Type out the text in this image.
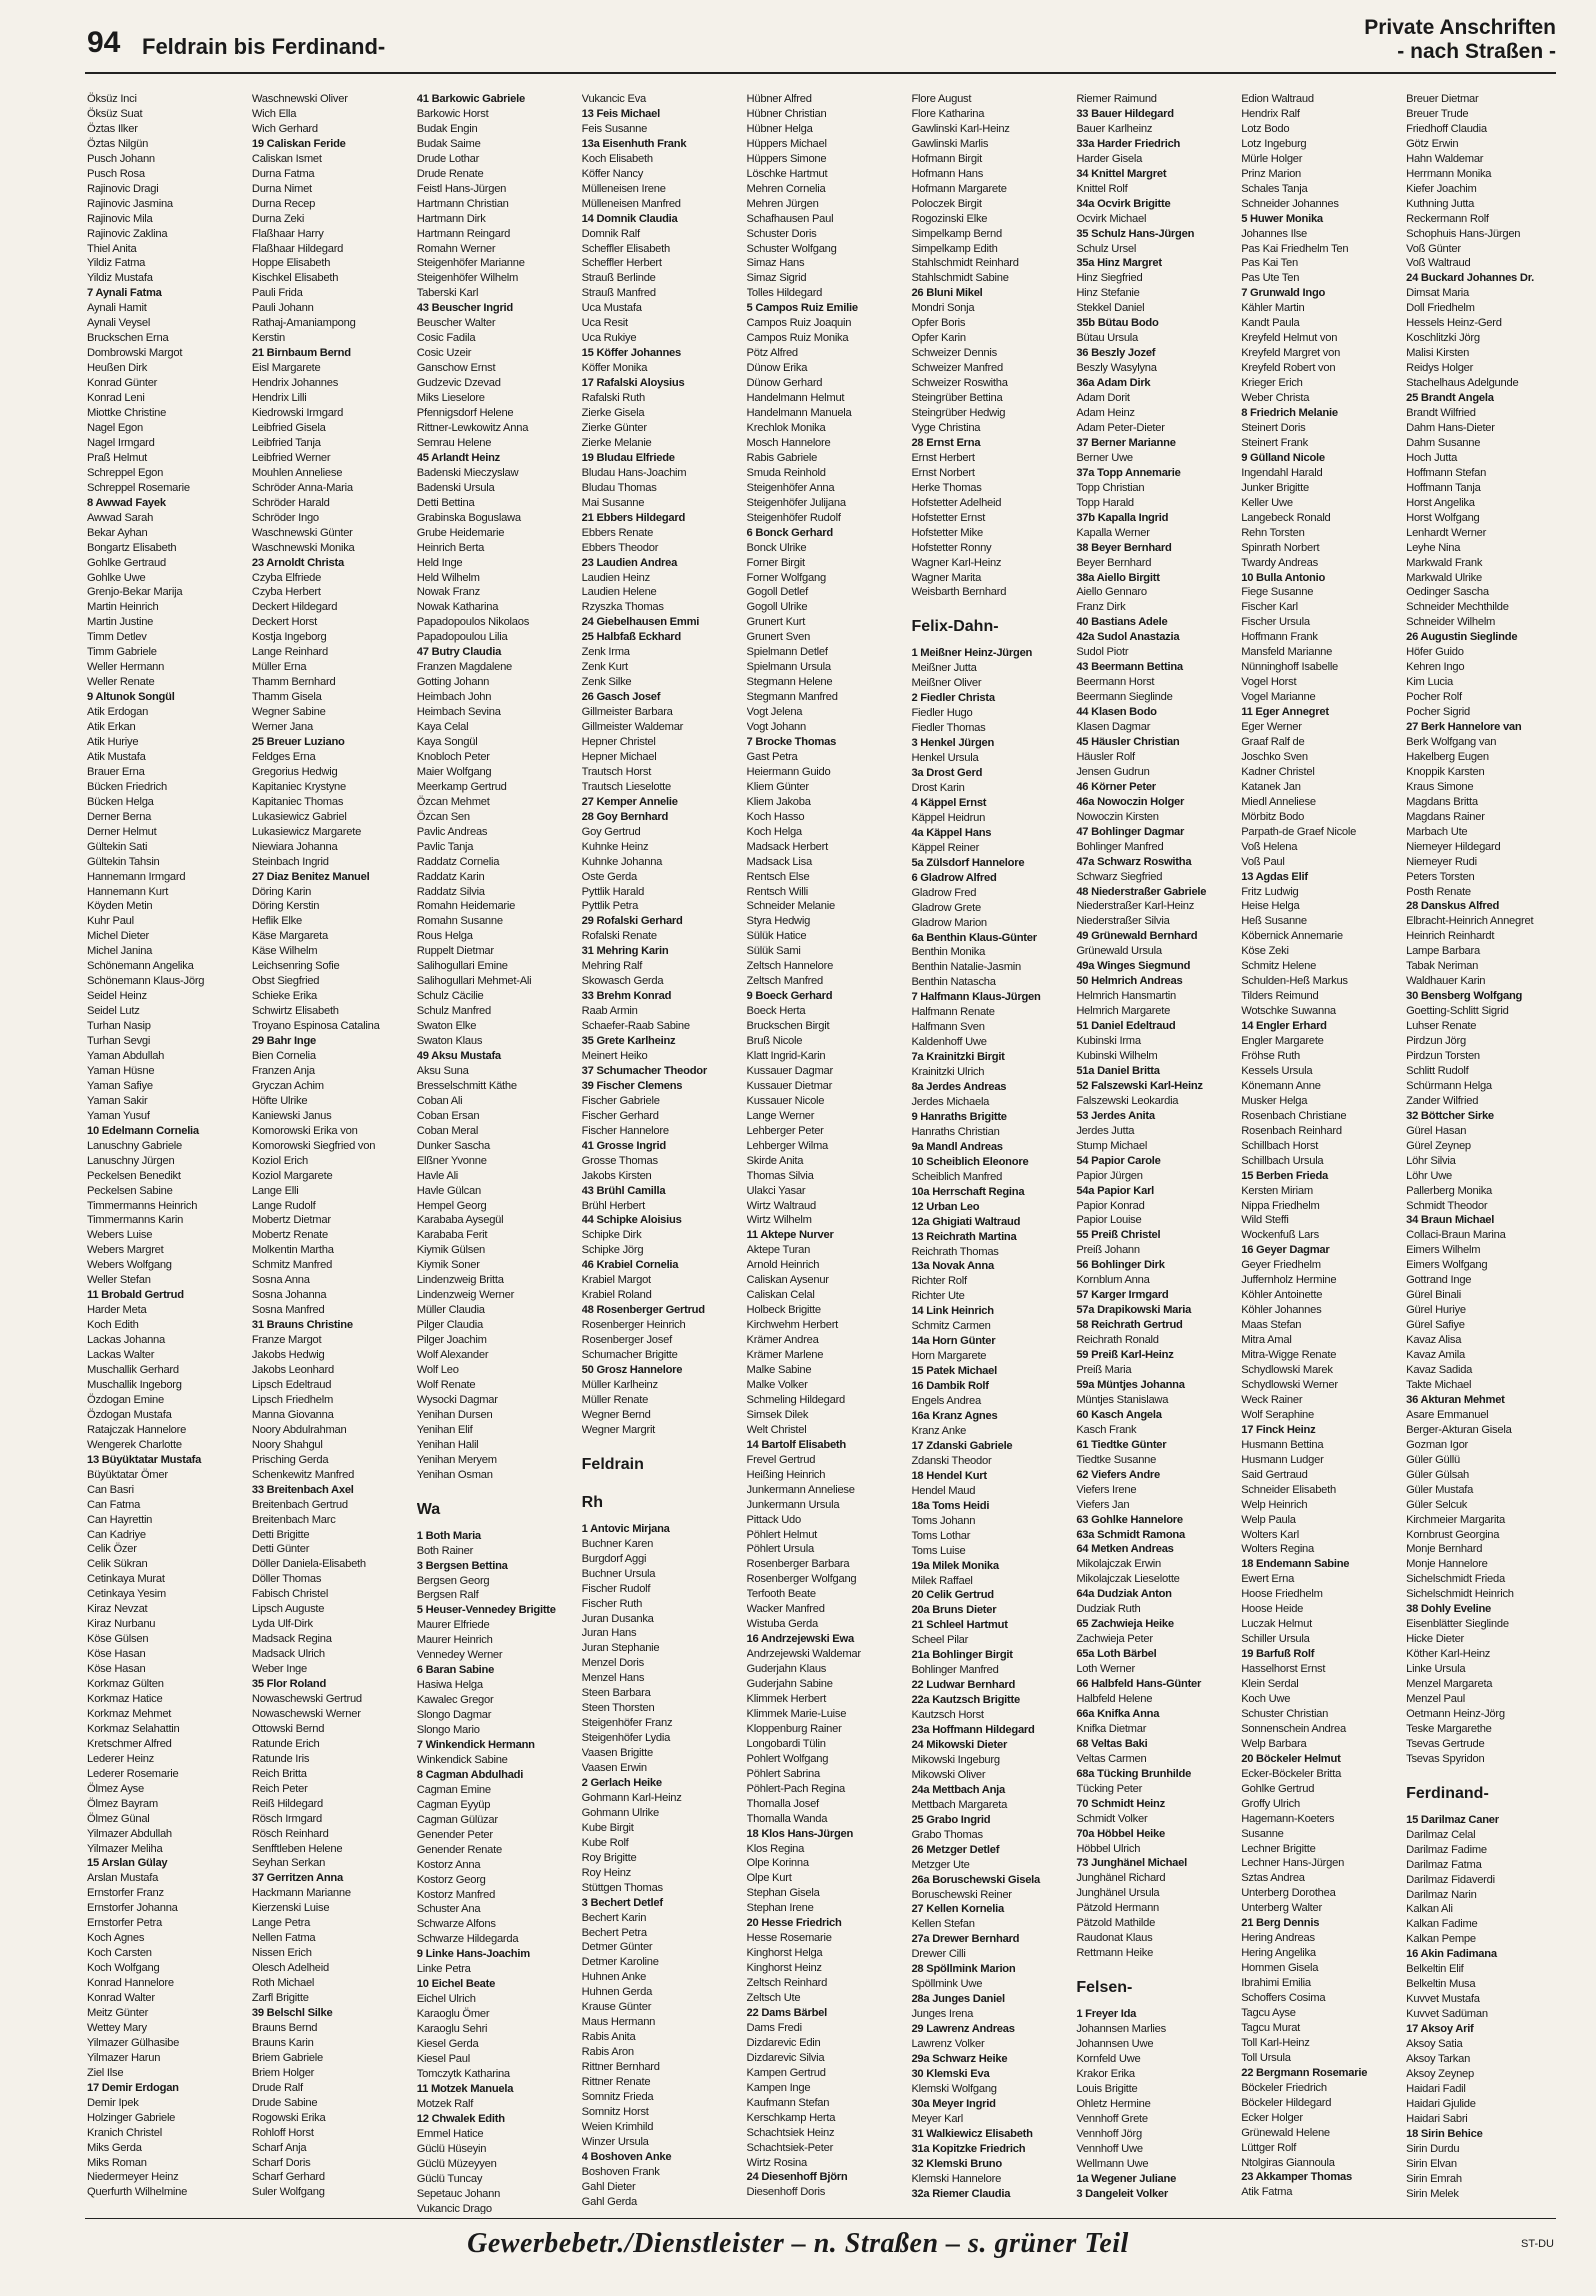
94 Feldrain bis Ferdinand-
Private Anschriften
- nach Straßen -
Öksüz Inci
Öksüz Suat
Öztas Ilker
Öztas Nilgün
Pusch Johann
Pusch Rosa
Rajinovic Dragi
Rajinovic Jasmina
Rajinovic Mila
Rajinovic Zaklina
Thiel Anita
Yildiz Fatma
Yildiz Mustafa
7 Aynali Fatma
Aynali Hamit
Aynali Veysel
Bruckschen Erna
Dombrowski Margot
Heußen Dirk
Konrad Günter
Konrad Leni
Miottke Christine
Nagel Egon
Nagel Irmgard
Praß Helmut
Schreppel Egon
Schreppel Rosemarie
8 Awwad Fayek
Awwad Sarah
Bekar Ayhan
Bongartz Elisabeth
Gohlke Gertraud
Gohlke Uwe
Grenjo-Bekar Marija
Martin Heinrich
Martin Justine
Timm Detlev
Timm Gabriele
Weller Hermann
Weller Renate
9 Altunok Songül
Atik Erdogan
Atik Erkan
Atik Huriye
Atik Mustafa
Brauer Erna
Bücken Friedrich
Bücken Helga
Derner Berna
Derner Helmut
Gültekin Sati
Gültekin Tahsin
Hannemann Irmgard
Hannemann Kurt
Köyden Metin
Kuhr Paul
Michel Dieter
Michel Janina
Schönemann Angelika
Schönemann Klaus-Jörg
Seidel Heinz
Seidel Lutz
Turhan Nasip
Turhan Sevgi
Yaman Abdullah
Yaman Hüsne
Yaman Safiye
Yaman Sakir
Yaman Yusuf
10 Edelmann Cornelia
Lanuschny Gabriele
Lanuschny Jürgen
Peckelsen Benedikt
Peckelsen Sabine
Timmermanns Heinrich
Timmermanns Karin
Webers Luise
Webers Margret
Webers Wolfgang
Weller Stefan
11 Brobald Gertrud
Harder Meta
Koch Edith
Lackas Johanna
Lackas Walter
Muschallik Gerhard
Muschallik Ingeborg
Özdogan Emine
Özdogan Mustafa
Ratajczak Hannelore
Wengerek Charlotte
13 Büyüktatar Mustafa
Büyüktatar Ömer
Can Basri
Can Fatma
Can Hayrettin
Can Kadriye
Celik Özer
Celik Sükran
Cetinkaya Murat
Cetinkaya Yesim
Kiraz Nevzat
Kiraz Nurbanu
Köse Gülsen
Köse Hasan
Köse Hasan
Korkmaz Gülten
Korkmaz Hatice
Korkmaz Mehmet
Korkmaz Selahattin
Kretschmer Alfred
Lederer Heinz
Lederer Rosemarie
Ölmez Ayse
Ölmez Bayram
Ölmez Günal
Yilmazer Abdullah
Yilmazer Meliha
15 Arslan Gülay
Arslan Mustafa
Ernstorfer Franz
Ernstorfer Johanna
Ernstorfer Petra
Koch Agnes
Koch Carsten
Koch Wolfgang
Konrad Hannelore
Konrad Walter
Meitz Günter
Wettey Mary
Yilmazer Gülhasibe
Yilmazer Harun
Ziel Ilse
17 Demir Erdogan
Demir Ipek
Holzinger Gabriele
Kranich Christel
Miks Gerda
Miks Roman
Niedermeyer Heinz
Querfurth Wilhelmine
Waschnewski Oliver
Wich Ella
Wich Gerhard
19 Caliskan Feride
Caliskan Ismet
Durna Fatma
Durna Nimet
Durna Recep
Durna Zeki
Flaßhaar Harry
Flaßhaar Hildegard
Hoppe Elisabeth
Kischkel Elisabeth
Pauli Frida
Pauli Johann
Rathaj-Amaniampong
Kerstin
21 Birnbaum Bernd
Eisl Margarete
Hendrix Johannes
Hendrix Lilli
Kiedrowski Irmgard
Leibfried Gisela
Leibfried Tanja
Leibfried Werner
Mouhlen Anneliese
Schröder Anna-Maria
Schröder Harald
Schröder Ingo
Waschnewski Günter
Waschnewski Monika
23 Arnoldt Christa
Czyba Elfriede
Czyba Herbert
Deckert Hildegard
Deckert Horst
Kostja Ingeborg
Lange Reinhard
Müller Erna
Thamm Bernhard
Thamm Gisela
Wegner Sabine
Werner Jana
25 Breuer Luziano
Feldges Erna
Gregorius Hedwig
Kapitaniec Krystyne
Kapitaniec Thomas
Lukasiewicz Gabriel
Lukasiewicz Margarete
Niewiara Johanna
Steinbach Ingrid
27 Diaz Benitez Manuel
Döring Karin
Döring Kerstin
Heflik Elke
Käse Margareta
Käse Wilhelm
Leichsenring Sofie
Obst Siegfried
Schieke Erika
Schwirtz Elisabeth
Troyano Espinosa Catalina
29 Bahr Inge
Bien Cornelia
Franzen Anja
Gryczan Achim
Höfte Ulrike
Kaniewski Janus
Komorowski Erika von
Komorowski Siegfried von
Koziol Erich
Koziol Margarete
Lange Elli
Lange Rudolf
Mobertz Dietmar
Mobertz Renate
Molkentin Martha
Schmitz Manfred
Sosna Anna
Sosna Johanna
Sosna Manfred
31 Brauns Christine
Franze Margot
Jakobs Hedwig
Jakobs Leonhard
Lipsch Edeltraud
Lipsch Friedhelm
Manna Giovanna
Noory Abdulrahman
Noory Shahgul
Prisching Gerda
Schenkewitz Manfred
33 Breitenbach Axel
Breitenbach Gertrud
Breitenbach Marc
Detti Brigitte
Detti Günter
Döller Daniela-Elisabeth
Döller Thomas
Fabisch Christel
Lipsch Auguste
Lyda Ulf-Dirk
Madsack Regina
Madsack Ulrich
Weber Inge
35 Flor Roland
Nowaschewski Gertrud
Nowaschewski Werner
Ottowski Bernd
Ratunde Erich
Ratunde Iris
Reich Britta
Reich Peter
Reiß Hildegard
Rösch Irmgard
Rösch Reinhard
Senfftleben Helene
Seyhan Serkan
37 Gerritzen Anna
Hackmann Marianne
Kierzenski Luise
Lange Petra
Nellen Fatma
Nissen Erich
Olesch Adelheid
Roth Michael
Zarfl Brigitte
39 Belschl Silke
Brauns Bernd
Brauns Karin
Briem Gabriele
Briem Holger
Drude Ralf
Drude Sabine
Rogowski Erika
Rohloff Horst
Scharf Anja
Scharf Doris
Scharf Gerhard
Suler Wolfgang
41 Barkowic Gabriele
Barkowic Horst
Budak Engin
Budak Saime
Drude Lothar
Drude Renate
Feistl Hans-Jürgen
Hartmann Christian
Hartmann Dirk
Hartmann Reingard
Romahn Werner
Steigenhöfer Marianne
Steigenhöfer Wilhelm
Taberski Karl
43 Beuscher Ingrid
Beuscher Walter
Cosic Fadila
Cosic Uzeir
Ganschow Ernst
Gudzevic Dzevad
Miks Lieselore
Pfennigsdorf Helene
Rittner-Lewkowitz Anna
Semrau Helene
45 Arlandt Heinz
Badenski Mieczyslaw
Badenski Ursula
Detti Bettina
Grabinska Boguslawa
Grube Heidemarie
Heinrich Berta
Held Inge
Held Wilhelm
Nowak Franz
Nowak Katharina
Papadopoulos Nikolaos
Papadopoulou Lilia
47 Butry Claudia
Franzen Magdalene
Gotting Johann
Heimbach John
Heimbach Sevina
Kaya Celal
Kaya Songül
Knobloch Peter
Maier Wolfgang
Meerkamp Gertrud
Özcan Mehmet
Özcan Sen
Pavlic Andreas
Pavlic Tanja
Raddatz Cornelia
Raddatz Karin
Raddatz Silvia
Romahn Heidemarie
Romahn Susanne
Rous Helga
Ruppelt Dietmar
Salihogullari Emine
Salihogullari Mehmet-Ali
Schulz Cäcilie
Schulz Manfred
Swaton Elke
Swaton Klaus
49 Aksu Mustafa
Aksu Suna
Bresselschmitt Käthe
Coban Ali
Coban Ersan
Coban Meral
Dunker Sascha
Elßner Yvonne
Havle Ali
Havle Gülcan
Hempel Georg
Karababa Aysegül
Karababa Ferit
Kiymik Gülsen
Kiymik Soner
Lindenzweig Britta
Lindenzweig Werner
Müller Claudia
Pilger Claudia
Pilger Joachim
Wolf Alexander
Wolf Leo
Wolf Renate
Wysocki Dagmar
Yenihan Dursen
Yenihan Elif
Yenihan Halil
Yenihan Meryem
Yenihan Osman
Wa
1 Both Maria
Both Rainer
3 Bergsen Bettina
Bergsen Georg
Bergsen Ralf
5 Heuser-Vennedey Brigitte
Maurer Elfriede
Maurer Heinrich
Vennedey Werner
6 Baran Sabine
Hasiwa Helga
Kawalec Gregor
Slongo Dagmar
Slongo Mario
7 Winkendick Hermann
Winkendick Sabine
8 Cagman Abdulhadi
Cagman Emine
Cagman Eyyüp
Cagman Gülüzar
Genender Peter
Genender Renate
Kostorz Anna
Kostorz Georg
Kostorz Manfred
Schuster Ana
Schwarze Alfons
Schwarze Hildegarda
9 Linke Hans-Joachim
Linke Petra
10 Eichel Beate
Eichel Ulrich
Karaoglu Ömer
Karaoglu Sehri
Kiesel Gerda
Kiesel Paul
Tomczytk Katharina
11 Motzek Manuela
Motzek Ralf
12 Chwalek Edith
Emmel Hatice
Güclü Hüseyin
Güclü Müzeyyen
Güclü Tuncay
Sepetauc Johann
Vukancic Drago
Vukancic Eva
13 Feis Michael
Feis Susanne
13a Eisenhuth Frank
Koch Elisabeth
Köffer Nancy
Mülleneisen Irene
Mülleneisen Manfred
14 Domnik Claudia
Domnik Ralf
Scheffler Elisabeth
Scheffler Herbert
Strauß Berlinde
Strauß Manfred
Uca Mustafa
Uca Resit
Uca Rukiye
15 Köffer Johannes
Köffer Monika
17 Rafalski Aloysius
Rafalski Ruth
Zierke Gisela
Zierke Günter
Zierke Melanie
19 Bludau Elfriede
Bludau Hans-Joachim
Bludau Thomas
Mai Susanne
21 Ebbers Hildegard
Ebbers Renate
Ebbers Theodor
23 Laudien Andrea
Laudien Heinz
Laudien Helene
Rzyszka Thomas
24 Giebelhausen Emmi
25 Halbfaß Eckhard
Zenk Irma
Zenk Kurt
Zenk Silke
26 Gasch Josef
Gillmeister Barbara
Gillmeister Waldemar
Hepner Christel
Hepner Michael
Trautsch Horst
Trautsch Lieselotte
27 Kemper Annelie
28 Goy Bernhard
Goy Gertrud
Kuhnke Heinz
Kuhnke Johanna
Oste Gerda
Pyttlik Harald
Pyttlik Petra
29 Rofalski Gerhard
Rofalski Renate
31 Mehring Karin
Mehring Ralf
Skowasch Gerda
33 Brehm Konrad
Raab Armin
Schaefer-Raab Sabine
35 Grete Karlheinz
Meinert Heiko
37 Schumacher Theodor
39 Fischer Clemens
Fischer Gabriele
Fischer Gerhard
Fischer Hannelore
41 Grosse Ingrid
Grosse Thomas
Jakobs Kirsten
43 Brühl Camilla
Brühl Herbert
44 Schipke Aloisius
Schipke Dirk
Schipke Jörg
46 Krabiel Cornelia
Krabiel Margot
Krabiel Roland
48 Rosenberger Gertrud
Rosenberger Heinrich
Rosenberger Josef
Schumacher Brigitte
50 Grosz Hannelore
Müller Karlheinz
Müller Renate
Wegner Bernd
Wegner Margrit
Feldrain
Rh
1 Antovic Mirjana
Buchner Karen
Burgdorf Aggi
Buchner Ursula
Fischer Rudolf
Fischer Ruth
Juran Dusanka
Juran Hans
Juran Stephanie
Menzel Doris
Menzel Hans
Steen Barbara
Steen Thorsten
Steigenhöfer Franz
Steigenhöfer Lydia
Vaasen Brigitte
Vaasen Erwin
2 Gerlach Heike
Gohmann Karl-Heinz
Gohmann Ulrike
Kube Birgit
Kube Rolf
Roy Brigitte
Roy Heinz
Stüttgen Thomas
3 Bechert Detlef
Bechert Karin
Bechert Petra
Detmer Günter
Detmer Karoline
Huhnen Anke
Huhnen Gerda
Krause Günter
Maus Hermann
Rabis Anita
Rabis Aron
Rittner Bernhard
Rittner Renate
Somnitz Frieda
Somnitz Horst
Weien Krimhild
Winzer Ursula
4 Boshoven Anke
Boshoven Frank
Gahl Dieter
Gahl Gerda
Hübner Alfred
Hübner Christian
Hübner Helga
Hüppers Michael
Hüppers Simone
Löschke Hartmut
Mehren Cornelia
Mehren Jürgen
Schafhausen Paul
Schuster Doris
Schuster Wolfgang
Simaz Hans
Simaz Sigrid
Tolles Hildegard
5 Campos Ruiz Emilie
Campos Ruiz Joaquin
Campos Ruiz Monika
Pötz Alfred
Dünow Erika
Dünow Gerhard
Handelmann Helmut
Handelmann Manuela
Krechlok Monika
Mosch Hannelore
Rabis Gabriele
Smuda Reinhold
Steigenhöfer Anna
Steigenhöfer Julijana
Steigenhöfer Rudolf
6 Bonck Gerhard
Bonck Ulrike
Forner Birgit
Forner Wolfgang
Gogoll Detlef
Gogoll Ulrike
Grunert Kurt
Grunert Sven
Spielmann Detlef
Spielmann Ursula
Stegmann Helene
Stegmann Manfred
Vogt Jelena
Vogt Johann
7 Brocke Thomas
Gast Petra
Heiermann Guido
Kliem Günter
Kliem Jakoba
Koch Hasso
Koch Helga
Madsack Herbert
Madsack Lisa
Rentsch Else
Rentsch Willi
Schneider Melanie
Styra Hedwig
Sülük Hatice
Sülük Sami
Zeltsch Hannelore
Zeltsch Manfred
9 Boeck Gerhard
Boeck Herta
Bruckschen Birgit
Bruß Nicole
Klatt Ingrid-Karin
Kussauer Dagmar
Kussauer Dietmar
Kussauer Nicole
Lange Werner
Lehberger Peter
Lehberger Wilma
Skirde Anita
Thomas Silvia
Ulakci Yasar
Wirtz Waltraud
Wirtz Wilhelm
11 Aktepe Nurver
Aktepe Turan
Arnold Heinrich
Caliskan Aysenur
Caliskan Celal
Holbeck Brigitte
Kirchwehm Herbert
Krämer Andrea
Krämer Marlene
Malke Sabine
Malke Volker
Schmeling Hildegard
Simsek Dilek
Welt Christel
14 Bartolf Elisabeth
Frevel Gertrud
Heißing Heinrich
Junkermann Anneliese
Junkermann Ursula
Pittack Udo
Pöhlert Helmut
Pöhlert Ursula
Rosenberger Barbara
Rosenberger Wolfgang
Terfooth Beate
Wacker Manfred
Wistuba Gerda
16 Andrzejewski Ewa
Andrzejewski Waldemar
Guderjahn Klaus
Guderjahn Sabine
Klimmek Herbert
Klimmek Marie-Luise
Kloppenburg Rainer
Longobardi Tülin
Pohlert Wolfgang
Pöhlert Sabrina
Pöhlert-Pach Regina
Thomalla Josef
Thomalla Wanda
18 Klos Hans-Jürgen
Klos Regina
Olpe Korinna
Olpe Kurt
Stephan Gisela
Stephan Irene
20 Hesse Friedrich
Hesse Rosemarie
Kinghorst Helga
Kinghorst Heinz
Zeltsch Reinhard
Zeltsch Ute
22 Dams Bärbel
Dams Fredi
Dizdarevic Edin
Dizdarevic Silvia
Kampen Gertrud
Kampen Inge
Kaufmann Stefan
Kerschkamp Herta
Schachtsiek Heinz
Schachtsiek-Peter
Wirtz Rosina
24 Diesenhoff Björn
Diesenhoff Doris
Flore August
Flore Katharina
Gawlinski Karl-Heinz
Gawlinski Marlis
Hofmann Birgit
Hofmann Hans
Hofmann Margarete
Poloczek Birgit
Rogozinski Elke
Simpelkamp Bernd
Simpelkamp Edith
Stahlschmidt Reinhard
Stahlschmidt Sabine
26 Bluni Mikel
Mondri Sonja
Opfer Boris
Opfer Karin
Schweizer Dennis
Schweizer Manfred
Schweizer Roswitha
Steingrüber Bettina
Steingrüber Hedwig
Vyge Christina
28 Ernst Erna
Ernst Herbert
Ernst Norbert
Herke Thomas
Hofstetter Adelheid
Hofstetter Ernst
Hofstetter Mike
Hofstetter Ronny
Wagner Karl-Heinz
Wagner Marita
Weisbarth Bernhard
Felix-Dahn-
1 Meißner Heinz-Jürgen
Meißner Jutta
Meißner Oliver
2 Fiedler Christa
Fiedler Hugo
Fiedler Thomas
3 Henkel Jürgen
Henkel Ursula
3a Drost Gerd
Drost Karin
4 Käppel Ernst
Käppel Heidrun
4a Käppel Hans
Käppel Reiner
5a Zülsdorf Hannelore
6 Gladrow Alfred
Gladrow Fred
Gladrow Grete
Gladrow Marion
6a Benthin Klaus-Günter
Benthin Monika
Benthin Natalie-Jasmin
Benthin Natascha
7 Halfmann Klaus-Jürgen
Halfmann Renate
Halfmann Sven
Kaldenhoff Uwe
7a Krainitzki Birgit
Krainitzki Ulrich
8a Jerdes Andreas
Jerdes Michaela
9 Hanraths Brigitte
Hanraths Christian
9a Mandl Andreas
10 Scheiblich Eleonore
Scheiblich Manfred
10a Herrschaft Regina
12 Urban Leo
12a Ghigiati Waltraud
13 Reichrath Martina
Reichrath Thomas
13a Novak Anna
Richter Rolf
Richter Ute
14 Link Heinrich
Schmitz Carmen
14a Horn Günter
Horn Margarete
15 Patek Michael
16 Dambik Rolf
Engels Andrea
16a Kranz Agnes
Kranz Anke
17 Zdanski Gabriele
Zdanski Theodor
18 Hendel Kurt
Hendel Maud
18a Toms Heidi
Toms Johann
Toms Lothar
Toms Luise
19a Milek Monika
Milek Raffael
20 Celik Gertrud
20a Bruns Dieter
21 Schleel Hartmut
Scheel Pilar
21a Bohlinger Birgit
Bohlinger Manfred
22 Ludwar Bernhard
22a Kautzsch Brigitte
Kautzsch Horst
23a Hoffmann Hildegard
24 Mikowski Dieter
Mikowski Ingeburg
Mikowski Oliver
24a Mettbach Anja
Mettbach Margareta
25 Grabo Ingrid
Grabo Thomas
26 Metzger Detlef
Metzger Ute
26a Boruschewski Gisela
Boruschewski Reiner
27 Kellen Kornelia
Kellen Stefan
27a Drewer Bernhard
Drewer Cilli
28 Spöllmink Marion
Spöllmink Uwe
28a Junges Daniel
Junges Irena
29 Lawrenz Andreas
Lawrenz Volker
29a Schwarz Heike
30 Klemski Eva
Klemski Wolfgang
30a Meyer Ingrid
Meyer Karl
31 Walkiewicz Elisabeth
31a Kopitzke Friedrich
32 Klemski Bruno
Klemski Hannelore
32a Riemer Claudia
Riemer Raimund
33 Bauer Hildegard
Bauer Karlheinz
33a Harder Friedrich
Harder Gisela
34 Knittel Margret
Knittel Rolf
34a Ocvirk Brigitte
Ocvirk Michael
35 Schulz Hans-Jürgen
Schulz Ursel
35a Hinz Margret
Hinz Siegfried
Hinz Stefanie
Stekkel Daniel
35b Bütau Bodo
Bütau Ursula
36 Beszly Jozef
Beszly Wasylyna
36a Adam Dirk
Adam Dorit
Adam Heinz
Adam Peter-Dieter
37 Berner Marianne
Berner Uwe
37a Topp Annemarie
Topp Christian
Topp Harald
37b Kapalla Ingrid
Kapalla Werner
38 Beyer Bernhard
Beyer Bernhard
38a Aiello Birgitt
Aiello Gennaro
Franz Dirk
40 Bastians Adele
42a Sudol Anastazia
Sudol Piotr
43 Beermann Bettina
Beermann Horst
Beermann Sieglinde
44 Klasen Bodo
Klasen Dagmar
45 Häusler Christian
Häusler Rolf
Jensen Gudrun
46 Körner Peter
46a Nowoczin Holger
Nowoczin Kirsten
47 Bohlinger Dagmar
Bohlinger Manfred
47a Schwarz Roswitha
Schwarz Siegfried
48 Niederstraßer Gabriele
Niederstraßer Karl-Heinz
Niederstraßer Silvia
49 Grünewald Bernhard
Grünewald Ursula
49a Winges Siegmund
50 Helmrich Andreas
Helmrich Hansmartin
Helmrich Margarete
51 Daniel Edeltraud
Kubinski Irma
Kubinski Wilhelm
51a Daniel Britta
52 Falszewski Karl-Heinz
Falszewski Leokardia
53 Jerdes Anita
Jerdes Jutta
Stump Michael
54 Papior Carole
Papior Jürgen
54a Papior Karl
Papior Konrad
Papior Louise
55 Preiß Christel
Preiß Johann
56 Bohlinger Dirk
Kornblum Anna
57 Karger Irmgard
57a Drapikowski Maria
58 Reichrath Gertrud
Reichrath Ronald
59 Preiß Karl-Heinz
Preiß Maria
59a Müntjes Johanna
Müntjes Stanislawa
60 Kasch Angela
Kasch Frank
61 Tiedtke Günter
Tiedtke Susanne
62 Viefers Andre
Viefers Irene
Viefers Jan
63 Gohlke Hannelore
63a Schmidt Ramona
64 Metken Andreas
Mikolajczak Erwin
Mikolajczak Lieselotte
64a Dudziak Anton
Dudziak Ruth
65 Zachwieja Heike
Zachwieja Peter
65a Loth Bärbel
Loth Werner
66 Halbfeld Hans-Günter
Halbfeld Helene
66a Knifka Anna
Knifka Dietmar
68 Veltas Baki
Veltas Carmen
68a Tücking Brunhilde
Tücking Peter
70 Schmidt Heinz
Schmidt Volker
70a Höbbel Heike
Höbbel Ulrich
73 Junghänel Michael
Junghänel Richard
Junghänel Ursula
Pätzold Hermann
Pätzold Mathilde
Raudonat Klaus
Rettmann Heike
Felsen-
1 Freyer Ida
Johannsen Marlies
Johannsen Uwe
Kornfeld Uwe
Krakor Erika
Louis Brigitte
Ohletz Hermine
Vennhoff Grete
Vennhoff Jörg
Vennhoff Uwe
Wellmann Uwe
1a Wegener Juliane
3 Dangeleit Volker
Edion Waltraud
Hendrix Ralf
Lotz Bodo
Lotz Ingeburg
Mürle Holger
Prinz Marion
Schales Tanja
Schneider Johannes
5 Huwer Monika
Johannes Ilse
Pas Kai Friedhelm Ten
Pas Kai Ten
Pas Ute Ten
7 Grunwald Ingo
Kähler Martin
Kandt Paula
Kreyfeld Helmut von
Kreyfeld Margret von
Kreyfeld Robert von
Krieger Erich
Weber Christa
8 Friedrich Melanie
Steinert Doris
Steinert Frank
9 Gülland Nicole
Ingendahl Harald
Junker Brigitte
Keller Uwe
Langebeck Ronald
Rehn Torsten
Spinrath Norbert
Twardy Andreas
10 Bulla Antonio
Fiege Susanne
Fischer Karl
Fischer Ursula
Hoffmann Frank
Mansfeld Marianne
Nünninghoff Isabelle
Vogel Horst
Vogel Marianne
11 Eger Annegret
Eger Werner
Graaf Ralf de
Joschko Sven
Kadner Christel
Katanek Jan
Miedl Anneliese
Mörbitz Bodo
Parpath-de Graef Nicole
Voß Helena
Voß Paul
13 Agdas Elif
Fritz Ludwig
Heise Helga
Heß Susanne
Köbernick Annemarie
Köse Zeki
Schmitz Helene
Schulden-Heß Markus
Tilders Reimund
Wotschke Suwanna
14 Engler Erhard
Engler Margarete
Fröhse Ruth
Kessels Ursula
Könemann Anne
Musker Helga
Rosenbach Christiane
Rosenbach Reinhard
Schillbach Horst
Schillbach Ursula
15 Berben Frieda
Kersten Miriam
Nippa Friedhelm
Wild Steffi
Wockenfuß Lars
16 Geyer Dagmar
Geyer Friedhelm
Juffernholz Hermine
Köhler Antoinette
Köhler Johannes
Maas Stefan
Mitra Amal
Mitra-Wigge Renate
Schydlowski Marek
Schydlowski Werner
Weck Rainer
Wolf Seraphine
17 Finck Heinz
Husmann Bettina
Husmann Ludger
Said Gertraud
Schneider Elisabeth
Welp Heinrich
Welp Paula
Wolters Karl
Wolters Regina
18 Endemann Sabine
Ewert Erna
Hoose Friedhelm
Hoose Heide
Luczak Helmut
Schiller Ursula
19 Barfuß Rolf
Hasselhorst Ernst
Klein Serdal
Koch Uwe
Schuster Christian
Sonnenschein Andrea
Welp Barbara
20 Böckeler Helmut
Ecker-Böckeler Britta
Gohlke Gertrud
Groffy Ulrich
Hagemann-Koeters
Susanne
Lechner Brigitte
Lechner Hans-Jürgen
Sztas Andrea
Unterberg Dorothea
Unterberg Walter
21 Berg Dennis
Hering Andreas
Hering Angelika
Hommen Gisela
Ibrahimi Emilia
Schoffers Cosima
Tagcu Ayse
Tagcu Murat
Toll Karl-Heinz
Toll Ursula
22 Bergmann Rosemarie
Böckeler Friedrich
Böckeler Hildegard
Ecker Holger
Grünewald Helene
Lüttger Rolf
Ntolgiras Giannoula
23 Akkamper Thomas
Atik Fatma
Breuer Dietmar
Breuer Trude
Friedhoff Claudia
Götz Erwin
Hahn Waldemar
Herrmann Monika
Kiefer Joachim
Kuthning Jutta
Reckermann Rolf
Schophuis Hans-Jürgen
Voß Günter
Voß Waltraud
24 Buckard Johannes Dr.
Dimsat Maria
Doll Friedhelm
Hessels Heinz-Gerd
Koschlitzki Jörg
Malisi Kirsten
Reidys Holger
Stachelhaus Adelgunde
25 Brandt Angela
Brandt Wilfried
Dahm Hans-Dieter
Dahm Susanne
Hoch Jutta
Hoffmann Stefan
Hoffmann Tanja
Horst Angelika
Horst Wolfgang
Lenhardt Werner
Leyhe Nina
Markwald Frank
Markwald Ulrike
Oedinger Sascha
Schneider Mechthilde
Schneider Wilhelm
26 Augustin Sieglinde
Höfer Guido
Kehren Ingo
Kim Lucia
Pocher Rolf
Pocher Sigrid
27 Berk Hannelore van
Berk Wolfgang van
Hakelberg Eugen
Knoppik Karsten
Kraus Simone
Magdans Britta
Magdans Rainer
Marbach Ute
Niemeyer Hildegard
Niemeyer Rudi
Peters Torsten
Posth Renate
28 Danskus Alfred
Elbracht-Heinrich Annegret
Heinrich Reinhardt
Lampe Barbara
Tabak Neriman
Waldhauer Karin
30 Bensberg Wolfgang
Goetting-Schlitt Sigrid
Luhser Renate
Pirdzun Jörg
Pirdzun Torsten
Schlitt Rudolf
Schürmann Helga
Zander Wilfried
32 Böttcher Sirke
Gürel Hasan
Gürel Zeynep
Löhr Silvia
Löhr Uwe
Pallerberg Monika
Schmidt Theodor
34 Braun Michael
Collaci-Braun Marina
Eimers Wilhelm
Eimers Wolfgang
Gottrand Inge
Gürel Binali
Gürel Huriye
Gürel Safiye
Kavaz Alisa
Kavaz Amila
Kavaz Sadida
Takte Michael
36 Akturan Mehmet
Asare Emmanuel
Berger-Akturan Gisela
Gozman Igor
Güler Güllü
Güler Gülsah
Güler Mustafa
Güler Selcuk
Kirchmeier Margarita
Kornbrust Georgina
Monje Bernhard
Monje Hannelore
Sichelschmidt Frieda
Sichelschmidt Heinrich
38 Dohly Eveline
Eisenblätter Sieglinde
Hicke Dieter
Köther Karl-Heinz
Linke Ursula
Menzel Margareta
Menzel Paul
Oetmann Heinz-Jörg
Teske Margarethe
Tsevas Gertrude
Tsevas Spyridon
Ferdinand-
15 Darilmaz Caner
Darilmaz Celal
Darilmaz Fadime
Darilmaz Fatma
Darilmaz Fidaverdi
Darilmaz Narin
Kalkan Ali
Kalkan Fadime
Kalkan Pempe
16 Akin Fadimana
Belkeltin Elif
Belkeltin Musa
Kuvvet Mustafa
Kuvvet Sadüman
17 Aksoy Arif
Aksoy Satia
Aksoy Tarkan
Aksoy Zeynep
Haidari Fadil
Haidari Gjulide
Haidari Sabri
18 Sirin Behice
Sirin Durdu
Sirin Elvan
Sirin Emrah
Sirin Melek
Gewerbebetr./Dienstleister – n. Straßen – s. grüner Teil	ST-DU
